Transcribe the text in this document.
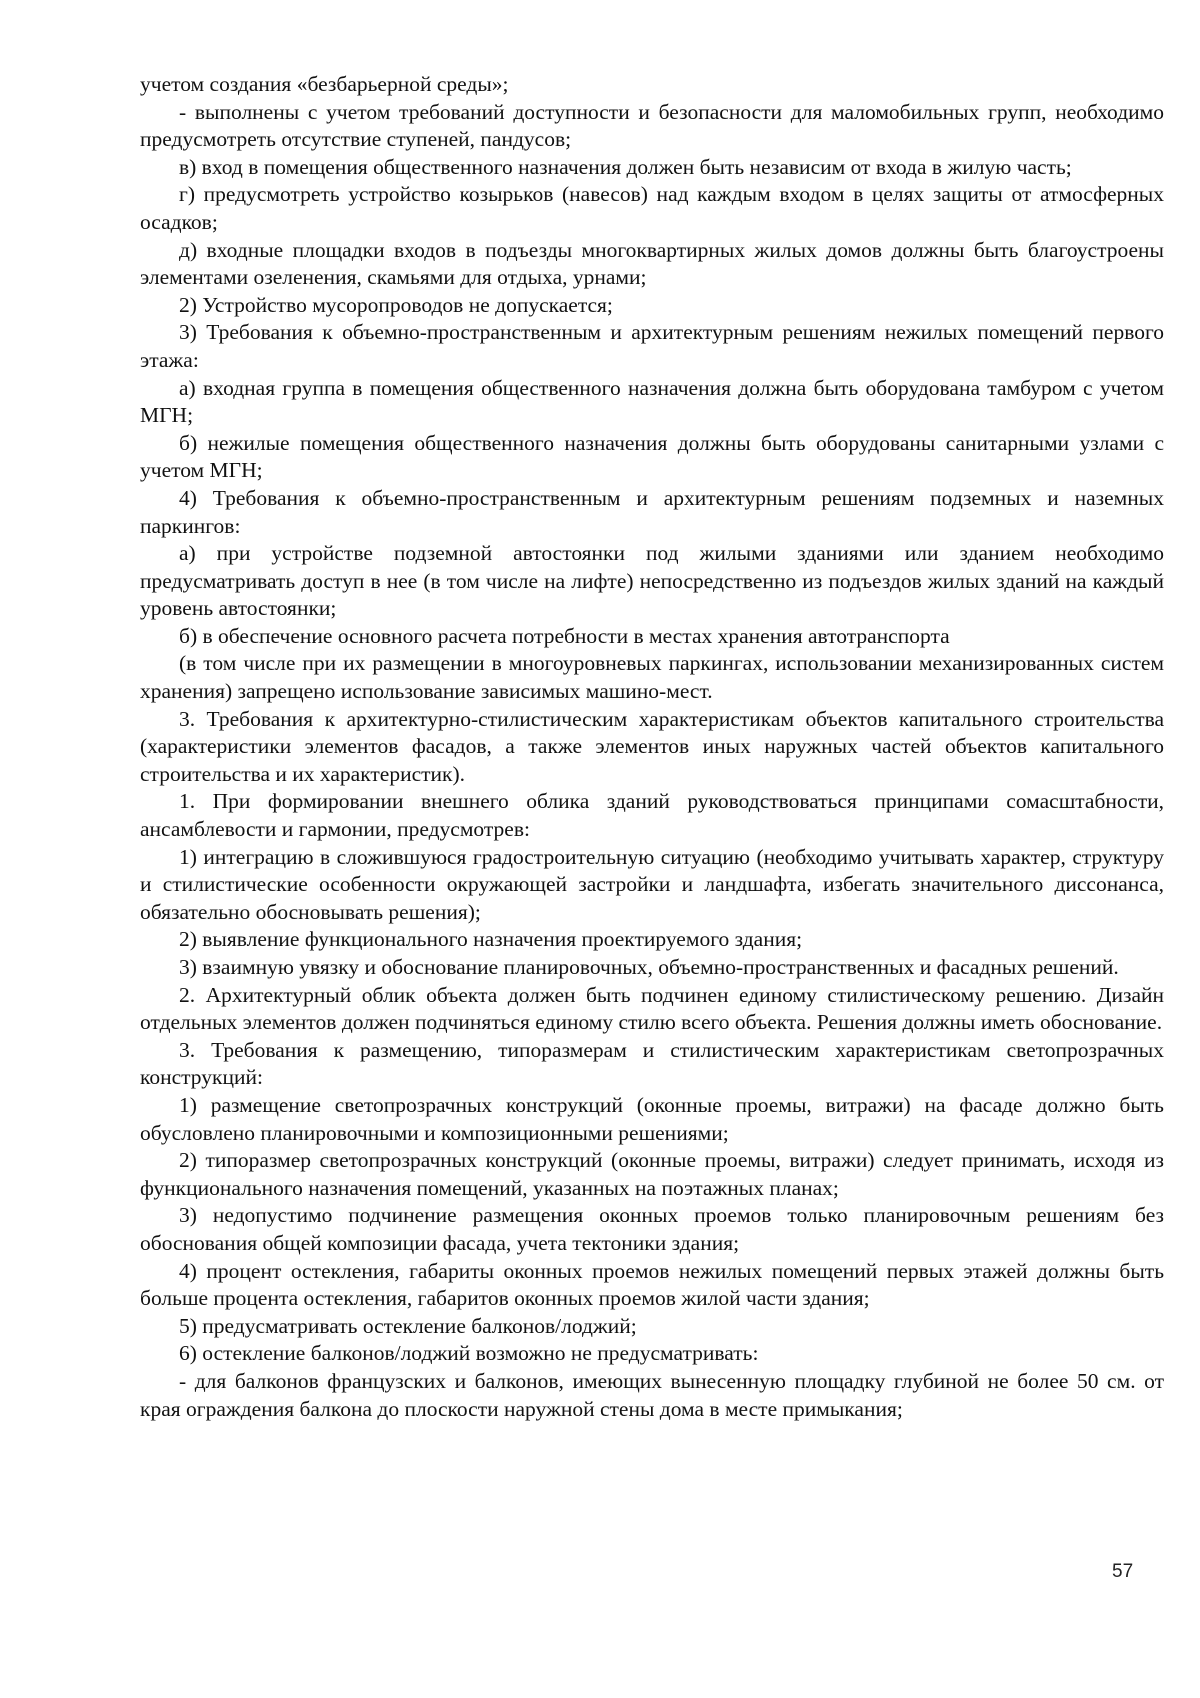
учетом создания «безбарьерной среды»;

- выполнены с учетом требований доступности и безопасности для маломобильных групп, необходимо предусмотреть отсутствие ступеней, пандусов;

в) вход в помещения общественного назначения должен быть независим от входа в жилую часть;

г) предусмотреть устройство козырьков (навесов) над каждым входом в целях защиты от атмосферных осадков;

д) входные площадки входов в подъезды многоквартирных жилых домов должны быть благоустроены элементами озеленения, скамьями для отдыха, урнами;

2) Устройство мусоропроводов не допускается;

3) Требования к объемно-пространственным и архитектурным решениям нежилых помещений первого этажа:

а) входная группа в помещения общественного назначения должна быть оборудована тамбуром с учетом МГН;

б) нежилые помещения общественного назначения должны быть оборудованы санитарными узлами с учетом МГН;

4) Требования к объемно-пространственным и архитектурным решениям подземных и наземных паркингов:

а) при устройстве подземной автостоянки под жилыми зданиями или зданием необходимо предусматривать доступ в нее (в том числе на лифте) непосредственно из подъездов жилых зданий на каждый уровень автостоянки;

б) в обеспечение основного расчета потребности в местах хранения автотранспорта

(в том числе при их размещении в многоуровневых паркингах, использовании механизированных систем хранения) запрещено использование зависимых машино-мест.

3. Требования к архитектурно-стилистическим характеристикам объектов капитального строительства (характеристики элементов фасадов, а также элементов иных наружных частей объектов капитального строительства и их характеристик).

1. При формировании внешнего облика зданий руководствоваться принципами сомасштабности, ансамблевости и гармонии, предусмотрев:

1) интеграцию в сложившуюся градостроительную ситуацию (необходимо учитывать характер, структуру и стилистические особенности окружающей застройки и ландшафта, избегать значительного диссонанса, обязательно обосновывать решения);

2) выявление функционального назначения проектируемого здания;

3) взаимную увязку и обоснование планировочных, объемно-пространственных и фасадных решений.

2. Архитектурный облик объекта должен быть подчинен единому стилистическому решению. Дизайн отдельных элементов должен подчиняться единому стилю всего объекта. Решения должны иметь обоснование.

3. Требования к размещению, типоразмерам и стилистическим характеристикам светопрозрачных конструкций:

1) размещение светопрозрачных конструкций (оконные проемы, витражи) на фасаде должно быть обусловлено планировочными и композиционными решениями;

2) типоразмер светопрозрачных конструкций (оконные проемы, витражи) следует принимать, исходя из функционального назначения помещений, указанных на поэтажных планах;

3) недопустимо подчинение размещения оконных проемов только планировочным решениям без обоснования общей композиции фасада, учета тектоники здания;

4) процент остекления, габариты оконных проемов нежилых помещений первых этажей должны быть больше процента остекления, габаритов оконных проемов жилой части здания;

5) предусматривать остекление балконов/лоджий;

6) остекление балконов/лоджий возможно не предусматривать:

- для балконов французских и балконов, имеющих вынесенную площадку глубиной не более 50 см. от края ограждения балкона до плоскости наружной стены дома в месте примыкания;

57
